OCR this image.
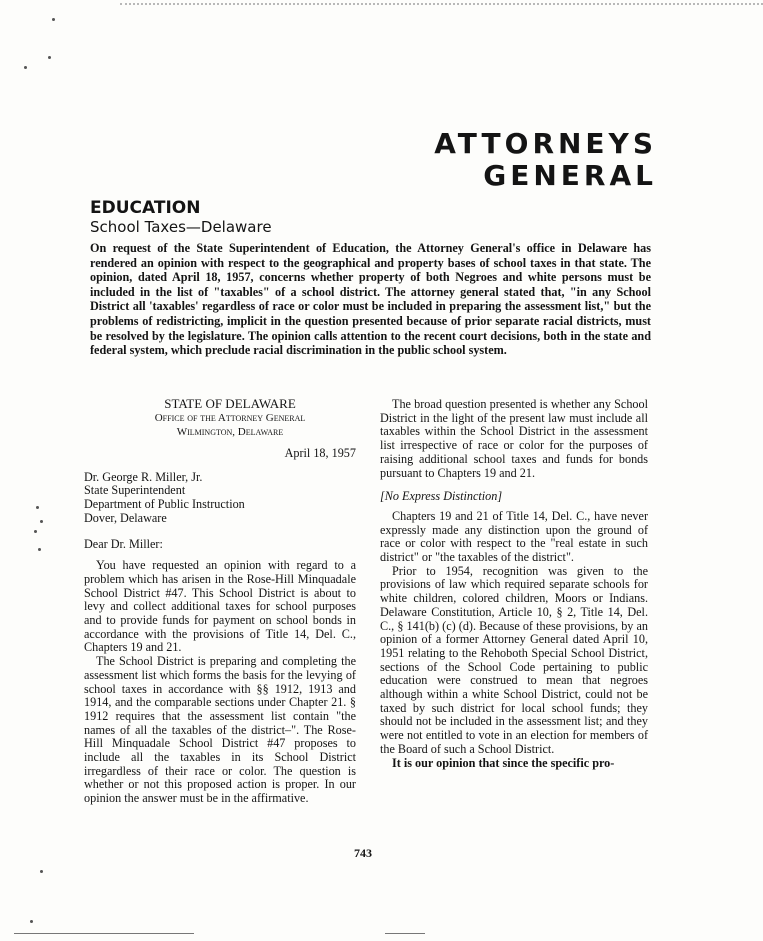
ATTORNEYS
GENERAL
EDUCATION
School Taxes—Delaware
On request of the State Superintendent of Education, the Attorney General's office in Delaware has rendered an opinion with respect to the geographical and property bases of school taxes in that state. The opinion, dated April 18, 1957, concerns whether property of both Negroes and white persons must be included in the list of "taxables" of a school district. The attorney general stated that, "in any School District all 'taxables' regardless of race or color must be included in preparing the assessment list," but the problems of redistricting, implicit in the question presented because of prior separate racial districts, must be resolved by the legislature. The opinion calls attention to the recent court decisions, both in the state and federal system, which preclude racial discrimination in the public school system.
STATE OF DELAWARE
Office of the Attorney General
Wilmington, Delaware
April 18, 1957
Dr. George R. Miller, Jr.
State Superintendent
Department of Public Instruction
Dover, Delaware
Dear Dr. Miller:

You have requested an opinion with regard to a problem which has arisen in the Rose-Hill Minquadale School District #47. This School District is about to levy and collect additional taxes for school purposes and to provide funds for payment on school bonds in accordance with the provisions of Title 14, Del. C., Chapters 19 and 21.

The School District is preparing and completing the assessment list which forms the basis for the levying of school taxes in accordance with §§ 1912, 1913 and 1914, and the comparable sections under Chapter 21. § 1912 requires that the assessment list contain "the names of all the taxables of the district–". The Rose-Hill Minquadale School District #47 proposes to include all the taxables in its School District irregardless of their race or color. The question is whether or not this proposed action is proper. In our opinion the answer must be in the affirmative.

The broad question presented is whether any School District in the light of the present law must include all taxables within the School District in the assessment list irrespective of race or color for the purposes of raising additional school taxes and funds for bonds pursuant to Chapters 19 and 21.

[No Express Distinction]

Chapters 19 and 21 of Title 14, Del. C., have never expressly made any distinction upon the ground of race or color with respect to the "real estate in such district" or "the taxables of the district".

Prior to 1954, recognition was given to the provisions of law which required separate schools for white children, colored children, Moors or Indians. Delaware Constitution, Article 10, § 2, Title 14, Del. C., § 141(b) (c) (d). Because of these provisions, by an opinion of a former Attorney General dated April 10, 1951 relating to the Rehoboth Special School District, sections of the School Code pertaining to public education were construed to mean that negroes although within a white School District, could not be taxed by such district for local school funds; they should not be included in the assessment list; and they were not entitled to vote in an election for members of the Board of such a School District.

It is our opinion that since the specific pro-

743
